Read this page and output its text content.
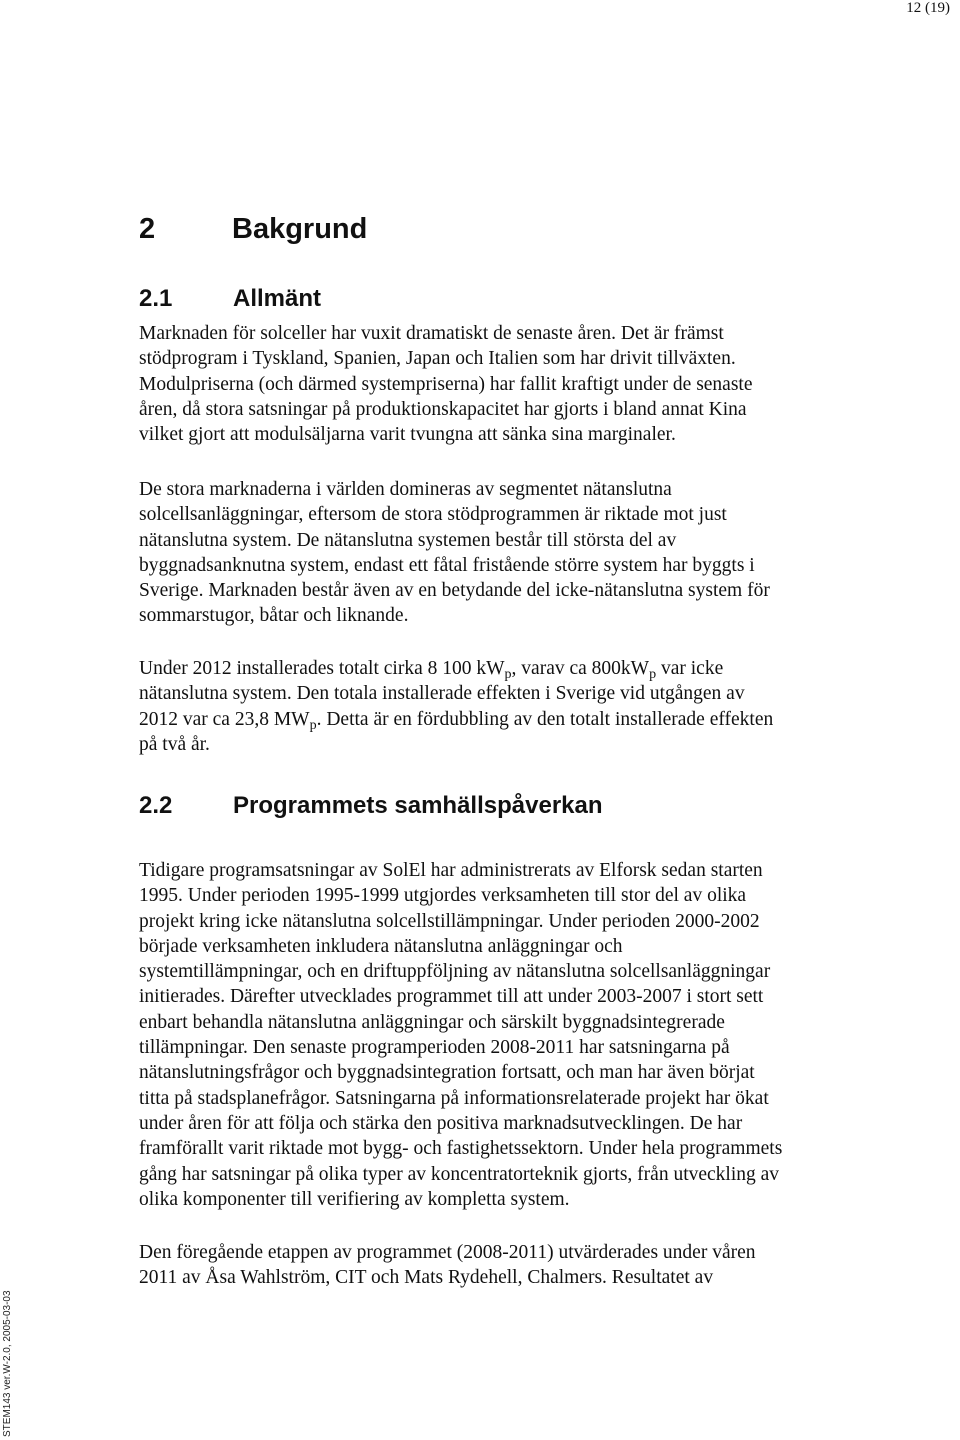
12 (19)
2	Bakgrund
2.1	Allmänt

Marknaden för solceller har vuxit dramatiskt de senaste åren. Det är främst
stödprogram i Tyskland, Spanien, Japan och Italien som har drivit tillväxten.
Modulpriserna (och därmed systempriserna) har fallit kraftigt under de senaste
åren, då stora satsningar på produktionskapacitet har gjorts i bland annat Kina
vilket gjort att modulsäljarna varit tvungna att sänka sina marginaler.

De stora marknaderna i världen domineras av segmentet nätanslutna
solcellsanläggningar, eftersom de stora stödprogrammen är riktade mot just
nätanslutna system. De nätanslutna systemen består till största del av
byggnadsanknutna system, endast ett fåtal fristående större system har byggts i
Sverige. Marknaden består även av en betydande del icke-nätanslutna system för
sommarstugor, båtar och liknande.

Under 2012 installerades totalt cirka 8 100 $kW_p$, varav ca $800kW_p$ var icke
nätanslutna system. Den totala installerade effekten i Sverige vid utgången av
2012 var ca 23,8 $MW_p$. Detta är en fördubbling av den totalt installerade effekten
på två år.

2.2	Programmets samhällspåverkan

Tidigare programsatsningar av SolEl har administrerats av Elforsk sedan starten
1995. Under perioden 1995-1999 utgjordes verksamheten till stor del av olika
projekt kring icke nätanslutna solcellstillämpningar. Under perioden 2000-2002
började verksamheten inkludera nätanslutna anläggningar och
systemtillämpningar, och en driftuppföljning av nätanslutna solcellsanläggningar
initierades. Därefter utvecklades programmet till att under 2003-2007 i stort sett
enbart behandla nätanslutna anläggningar och särskilt byggnadsintegrerade
tillämpningar. Den senaste programperioden 2008-2011 har satsningarna på
nätanslutningsfrågor och byggnadsintegration fortsatt, och man har även börjat
titta på stadsplanefrågor. Satsningarna på informationsrelaterade projekt har ökat
under åren för att följa och stärka den positiva marknadsutvecklingen. De har
framförallt varit riktade mot bygg- och fastighetssektorn. Under hela programmets
gång har satsningar på olika typer av koncentratorteknik gjorts, från utveckling av
olika komponenter till verifiering av kompletta system.

Den föregående etappen av programmet (2008-2011) utvärderades under våren
2011 av Åsa Wahlström, CIT och Mats Rydehell, Chalmers. Resultatet av

STEM143 ver.W-2.0, 2005-03-03
